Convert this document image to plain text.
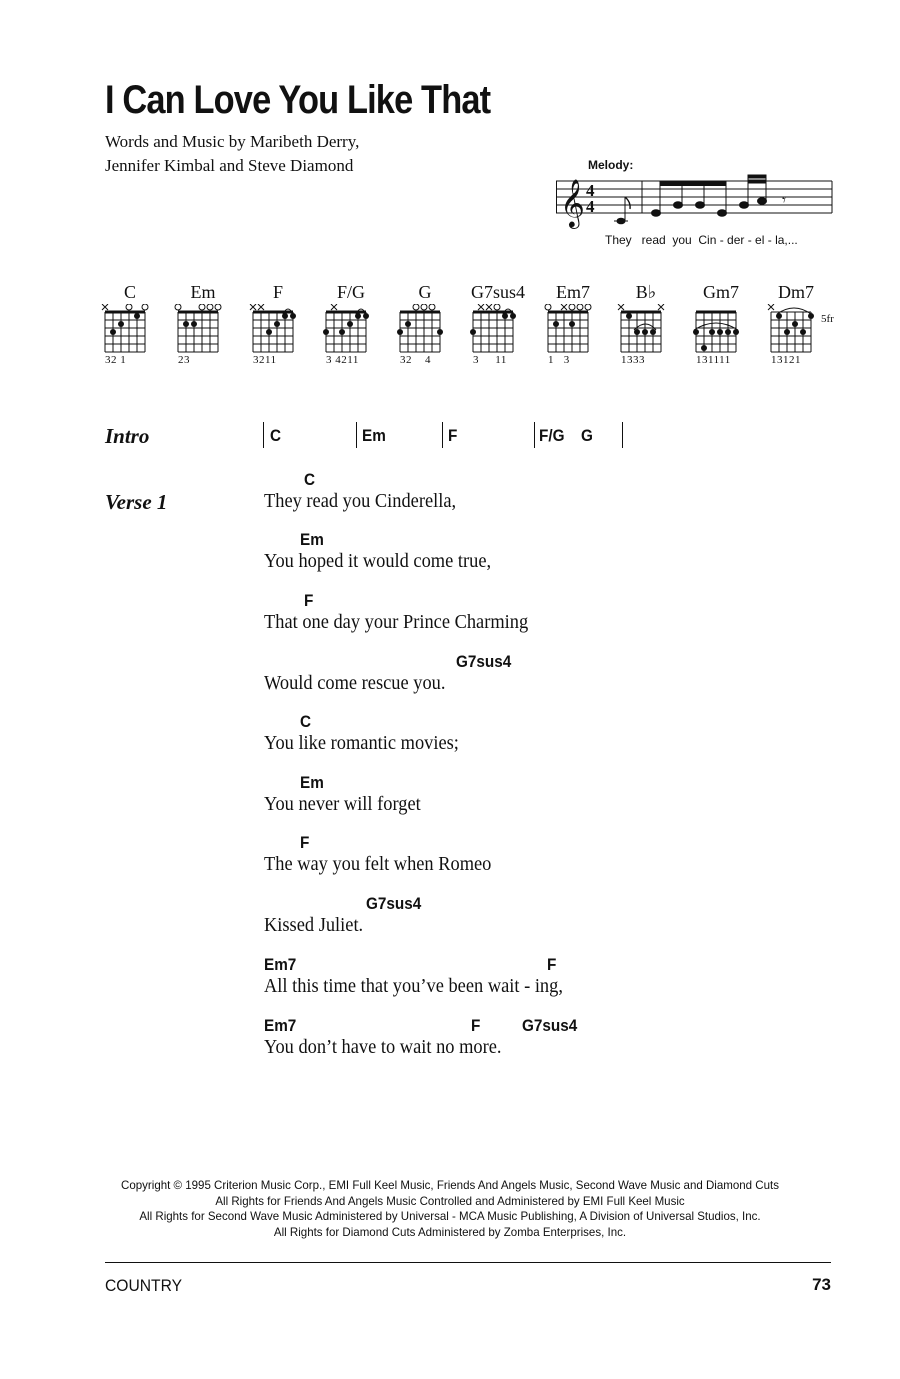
I Can Love You Like That
Words and Music by Maribeth Derry,
Jennifer Kimbal and Steve Diamond	Melody:
𝄞 4
4	𝄾
They   read  you  Cin - der - el - la,...
C
32 1
Em
23
F
3211
F/G
3 4211
G
32    4
G7sus4
3     11
Em7
1   3
B♭
1333
Gm7
131111
Dm7
5fr
13121
Intro	C	Em	F	F/G G
Verse 1
C
They read you Cinderella,
Em
You hoped it would come true,
F
That one day your Prince Charming
G7sus4
Would come rescue you.
C
You like romantic movies;
Em
You never will forget
F
The way you felt when Romeo
G7sus4
Kissed Juliet.
Em7	F
All this time that you’ve been wait - ing,
Em7	F G7sus4
You don’t have to wait no more.
Copyright © 1995 Criterion Music Corp., EMI Full Keel Music, Friends And Angels Music, Second Wave Music and Diamond Cuts
All Rights for Friends And Angels Music Controlled and Administered by EMI Full Keel Music
All Rights for Second Wave Music Administered by Universal - MCA Music Publishing, A Division of Universal Studios, Inc.
All Rights for Diamond Cuts Administered by Zomba Enterprises, Inc.
COUNTRY	73
